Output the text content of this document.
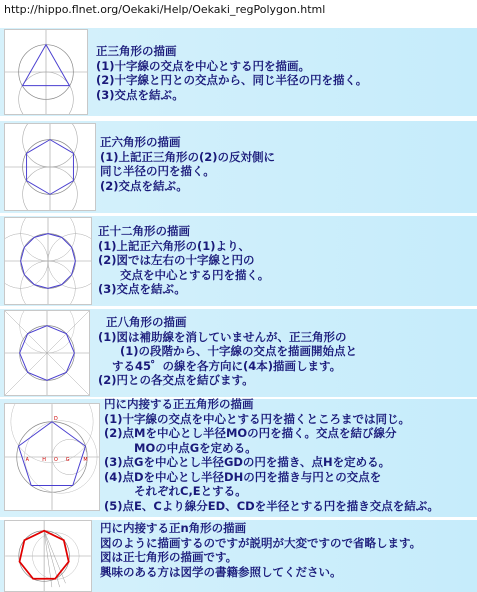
http://hippo.flnet.org/Oekaki/Help/Oekaki_regPolygon.html
正三角形の描画
(1)十字線の交点を中心とする円を描画。
(2)十字線と円との交点から、同じ半径の円を描く。
(3)交点を結ぶ。
正六角形の描画
(1)上記正三角形の(2)の反対側に
同じ半径の円を描く。
(2)交点を結ぶ。
正十二角形の描画
(1)上記正六角形の(1)より、
(2)図では左右の十字線と円の
交点を中心とする円を描く。
(3)交点を結ぶ。
正八角形の描画
(1)図は補助線を消していませんが、正三角形の
(1)の段階から、十字線の交点を描画開始点と
する45゜の線を各方向に(4本)描画します。
(2)円との各交点を結びます。
A	H O G	M
D
円に内接する正五角形の描画
(1)十字線の交点を中心とする円を描くところまでは同じ。
(2)点Mを中心とし半径MOの円を描く。交点を結び線分
MOの中点Gを定める。
(3)点Gを中心とし半径GDの円を描き、点Hを定める。
(4)点Dを中心とし半径DHの円を描き与円との交点を
それぞれC,Eとする。
(5)点E、Cより線分ED、CDを半径とする円を描き交点を結ぶ。
円に内接する正n角形の描画
図のように描画するのですが説明が大変ですので省略します。
図は正七角形の描画です。
興味のある方は図学の書籍参照してください。
